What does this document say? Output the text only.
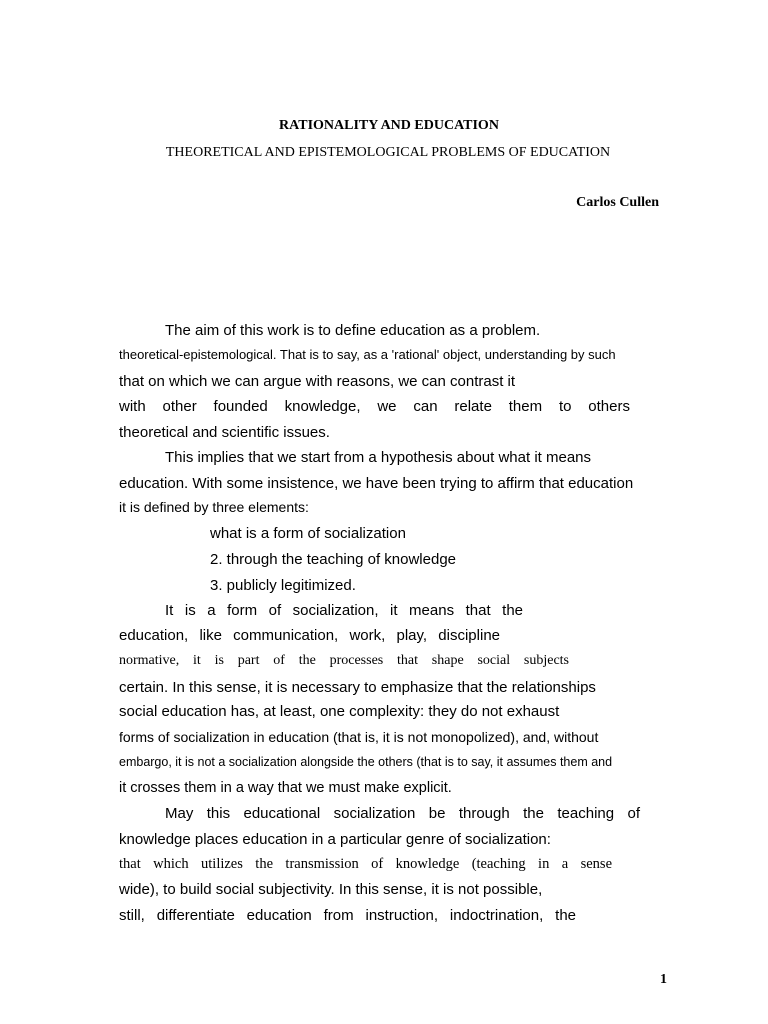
RATIONALITY AND EDUCATION
THEORETICAL AND EPISTEMOLOGICAL PROBLEMS OF EDUCATION
Carlos Cullen
The aim of this work is to define education as a problem.
theoretical-epistemological. That is to say, as a 'rational' object, understanding by such
that on which we can argue with reasons, we can contrast it
with other founded knowledge, we can relate them to others
theoretical and scientific issues.
This implies that we start from a hypothesis about what it means
education. With some insistence, we have been trying to affirm that education
it is defined by three elements:
what is a form of socialization
2. through the teaching of knowledge
3. publicly legitimized.
It is a form of socialization, it means that the
education, like communication, work, play, discipline
normative, it is part of the processes that shape social subjects
certain. In this sense, it is necessary to emphasize that the relationships
social education has, at least, one complexity: they do not exhaust
forms of socialization in education (that is, it is not monopolized), and, without
embargo, it is not a socialization alongside the others (that is to say, it assumes them and
it crosses them in a way that we must make explicit.
May this educational socialization be through the teaching of
knowledge places education in a particular genre of socialization:
that which utilizes the transmission of knowledge (teaching in a sense
wide), to build social subjectivity. In this sense, it is not possible,
still, differentiate education from instruction, indoctrination, the
1
